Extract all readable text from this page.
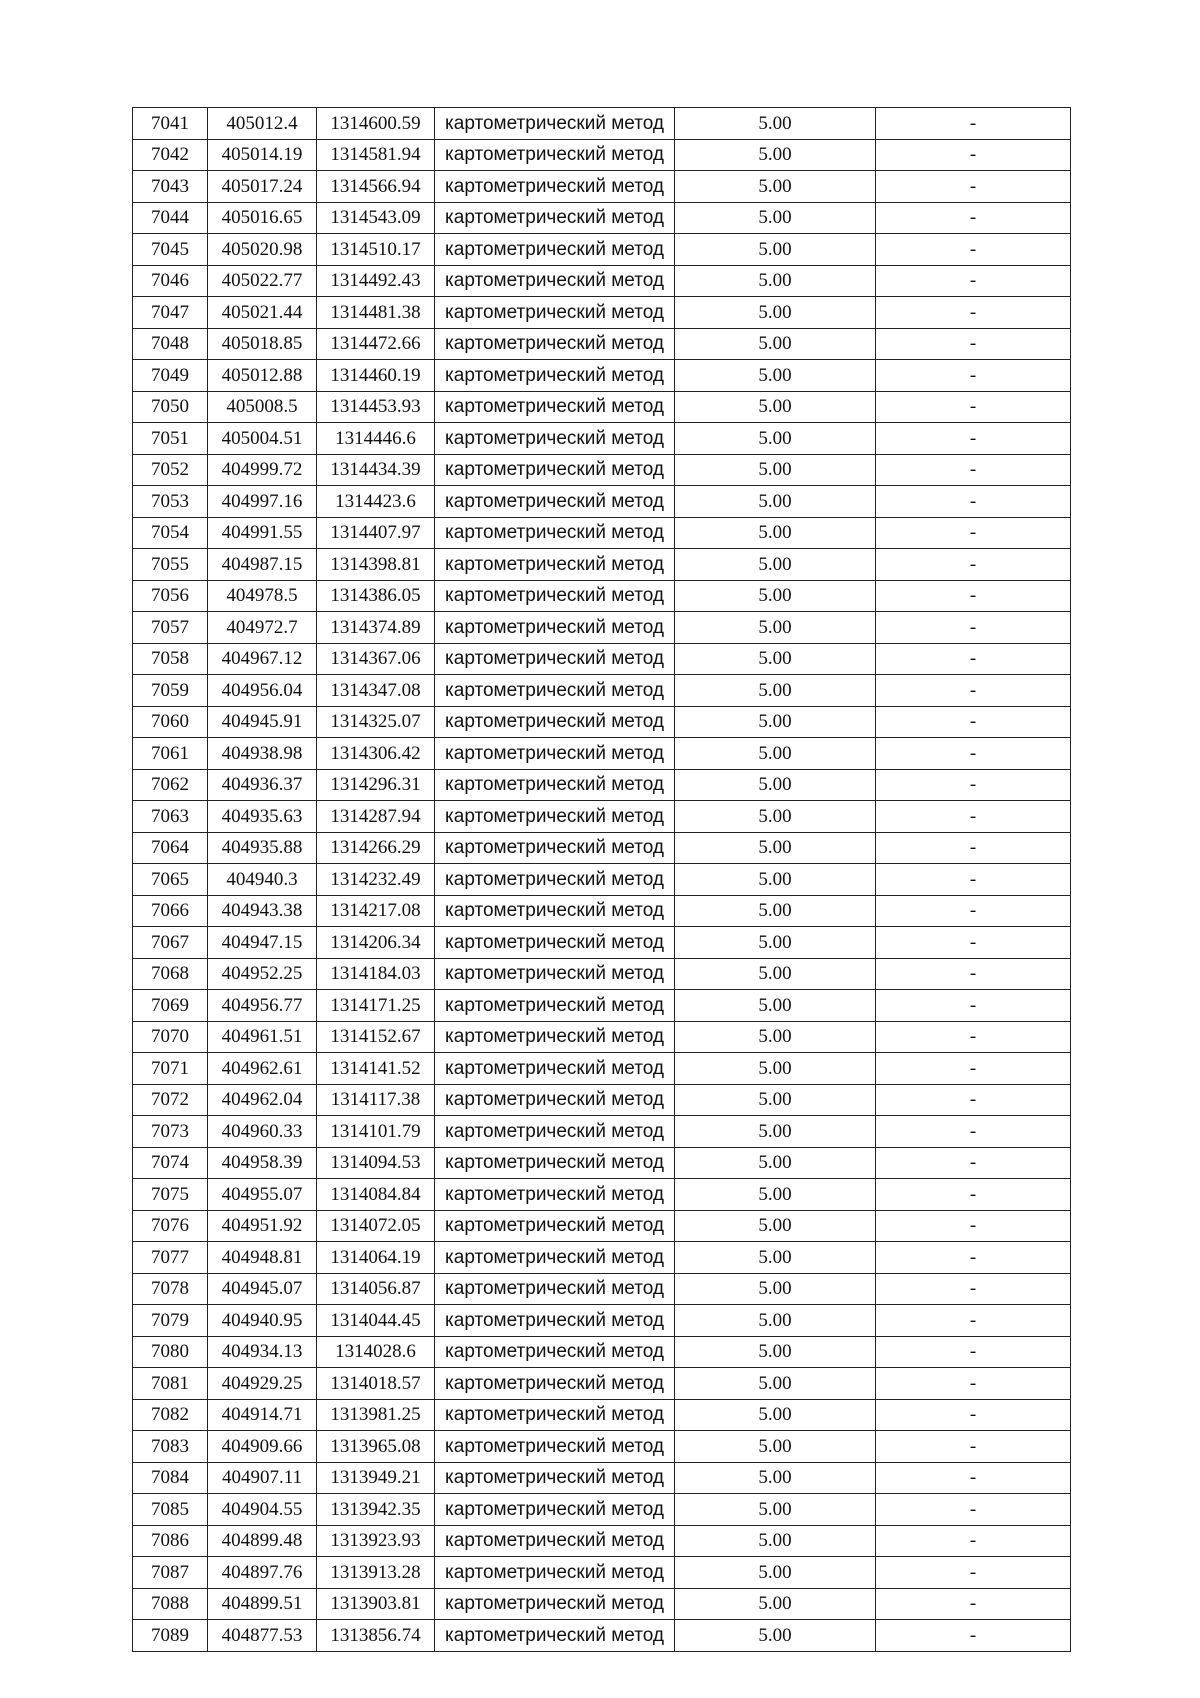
7041	405012.4	1314600.59	картометрический метод	5.00	-
7042	405014.19	1314581.94	картометрический метод	5.00	-
7043	405017.24	1314566.94	картометрический метод	5.00	-
7044	405016.65	1314543.09	картометрический метод	5.00	-
7045	405020.98	1314510.17	картометрический метод	5.00	-
7046	405022.77	1314492.43	картометрический метод	5.00	-
7047	405021.44	1314481.38	картометрический метод	5.00	-
7048	405018.85	1314472.66	картометрический метод	5.00	-
7049	405012.88	1314460.19	картометрический метод	5.00	-
7050	405008.5	1314453.93	картометрический метод	5.00	-
7051	405004.51	1314446.6	картометрический метод	5.00	-
7052	404999.72	1314434.39	картометрический метод	5.00	-
7053	404997.16	1314423.6	картометрический метод	5.00	-
7054	404991.55	1314407.97	картометрический метод	5.00	-
7055	404987.15	1314398.81	картометрический метод	5.00	-
7056	404978.5	1314386.05	картометрический метод	5.00	-
7057	404972.7	1314374.89	картометрический метод	5.00	-
7058	404967.12	1314367.06	картометрический метод	5.00	-
7059	404956.04	1314347.08	картометрический метод	5.00	-
7060	404945.91	1314325.07	картометрический метод	5.00	-
7061	404938.98	1314306.42	картометрический метод	5.00	-
7062	404936.37	1314296.31	картометрический метод	5.00	-
7063	404935.63	1314287.94	картометрический метод	5.00	-
7064	404935.88	1314266.29	картометрический метод	5.00	-
7065	404940.3	1314232.49	картометрический метод	5.00	-
7066	404943.38	1314217.08	картометрический метод	5.00	-
7067	404947.15	1314206.34	картометрический метод	5.00	-
7068	404952.25	1314184.03	картометрический метод	5.00	-
7069	404956.77	1314171.25	картометрический метод	5.00	-
7070	404961.51	1314152.67	картометрический метод	5.00	-
7071	404962.61	1314141.52	картометрический метод	5.00	-
7072	404962.04	1314117.38	картометрический метод	5.00	-
7073	404960.33	1314101.79	картометрический метод	5.00	-
7074	404958.39	1314094.53	картометрический метод	5.00	-
7075	404955.07	1314084.84	картометрический метод	5.00	-
7076	404951.92	1314072.05	картометрический метод	5.00	-
7077	404948.81	1314064.19	картометрический метод	5.00	-
7078	404945.07	1314056.87	картометрический метод	5.00	-
7079	404940.95	1314044.45	картометрический метод	5.00	-
7080	404934.13	1314028.6	картометрический метод	5.00	-
7081	404929.25	1314018.57	картометрический метод	5.00	-
7082	404914.71	1313981.25	картометрический метод	5.00	-
7083	404909.66	1313965.08	картометрический метод	5.00	-
7084	404907.11	1313949.21	картометрический метод	5.00	-
7085	404904.55	1313942.35	картометрический метод	5.00	-
7086	404899.48	1313923.93	картометрический метод	5.00	-
7087	404897.76	1313913.28	картометрический метод	5.00	-
7088	404899.51	1313903.81	картометрический метод	5.00	-
7089	404877.53	1313856.74	картометрический метод	5.00	-
